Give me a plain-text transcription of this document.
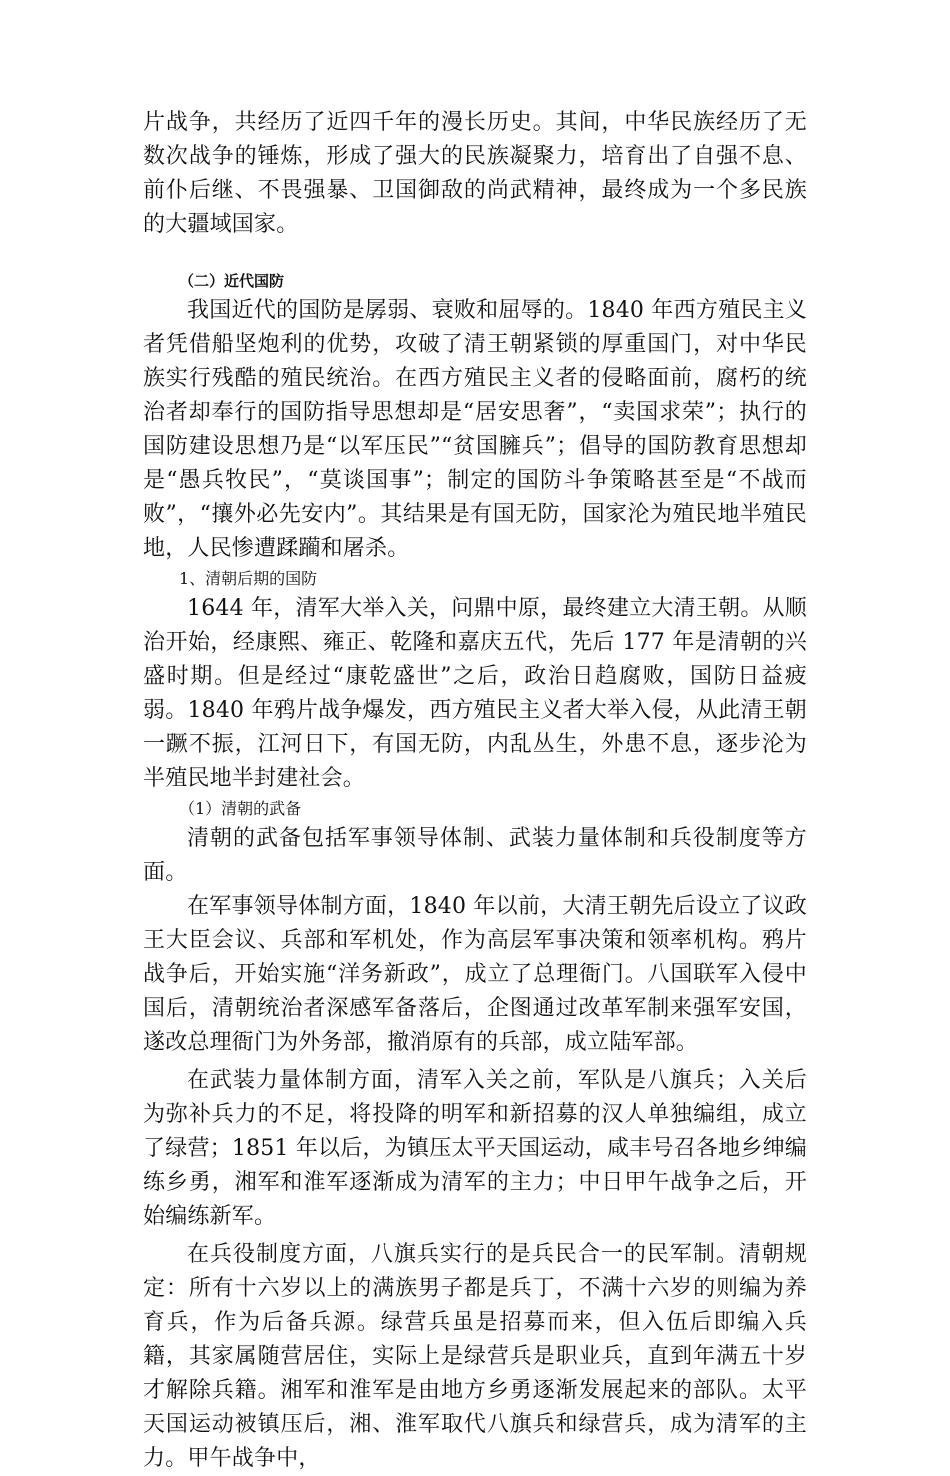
片战争，共经历了近四千年的漫长历史。其间，中华民族经历了无数次战争的锤炼，形成了强大的民族凝聚力，培育出了自强不息、前仆后继、不畏强暴、卫国御敌的尚武精神，最终成为一个多民族的大疆域国家。

（二）近代国防

我国近代的国防是孱弱、衰败和屈辱的。1840 年西方殖民主义者凭借船坚炮利的优势，攻破了清王朝紧锁的厚重国门，对中华民族实行残酷的殖民统治。在西方殖民主义者的侵略面前，腐朽的统治者却奉行的国防指导思想却是“居安思奢”，“卖国求荣”；执行的国防建设思想乃是“以军压民”“贫国臃兵”；倡导的国防教育思想却是“愚兵牧民”，“莫谈国事”；制定的国防斗争策略甚至是“不战而败”，“攘外必先安内”。其结果是有国无防，国家沦为殖民地半殖民地，人民惨遭蹂躏和屠杀。

1、清朝后期的国防

1644 年，清军大举入关，问鼎中原，最终建立大清王朝。从顺治开始，经康熙、雍正、乾隆和嘉庆五代，先后 177 年是清朝的兴盛时期。但是经过“康乾盛世”之后，政治日趋腐败，国防日益疲弱。1840 年鸦片战争爆发，西方殖民主义者大举入侵，从此清王朝一蹶不振，江河日下，有国无防，内乱丛生，外患不息，逐步沦为半殖民地半封建社会。

（1）清朝的武备

清朝的武备包括军事领导体制、武装力量体制和兵役制度等方面。

在军事领导体制方面，1840 年以前，大清王朝先后设立了议政王大臣会议、兵部和军机处，作为高层军事决策和领率机构。鸦片战争后，开始实施“洋务新政”，成立了总理衙门。八国联军入侵中国后，清朝统治者深感军备落后，企图通过改革军制来强军安国，遂改总理衙门为外务部，撤消原有的兵部，成立陆军部。

在武装力量体制方面，清军入关之前，军队是八旗兵；入关后为弥补兵力的不足，将投降的明军和新招募的汉人单独编组，成立了绿营；1851 年以后，为镇压太平天国运动，咸丰号召各地乡绅编练乡勇，湘军和淮军逐渐成为清军的主力；中日甲午战争之后，开始编练新军。

在兵役制度方面，八旗兵实行的是兵民合一的民军制。清朝规定：所有十六岁以上的满族男子都是兵丁，不满十六岁的则编为养育兵，作为后备兵源。绿营兵虽是招募而来，但入伍后即编入兵籍，其家属随营居住，实际上是绿营兵是职业兵，直到年满五十岁才解除兵籍。湘军和淮军是由地方乡勇逐渐发展起来的部队。太平天国运动被镇压后，湘、淮军取代八旗兵和绿营兵，成为清军的主力。甲午战争中，
